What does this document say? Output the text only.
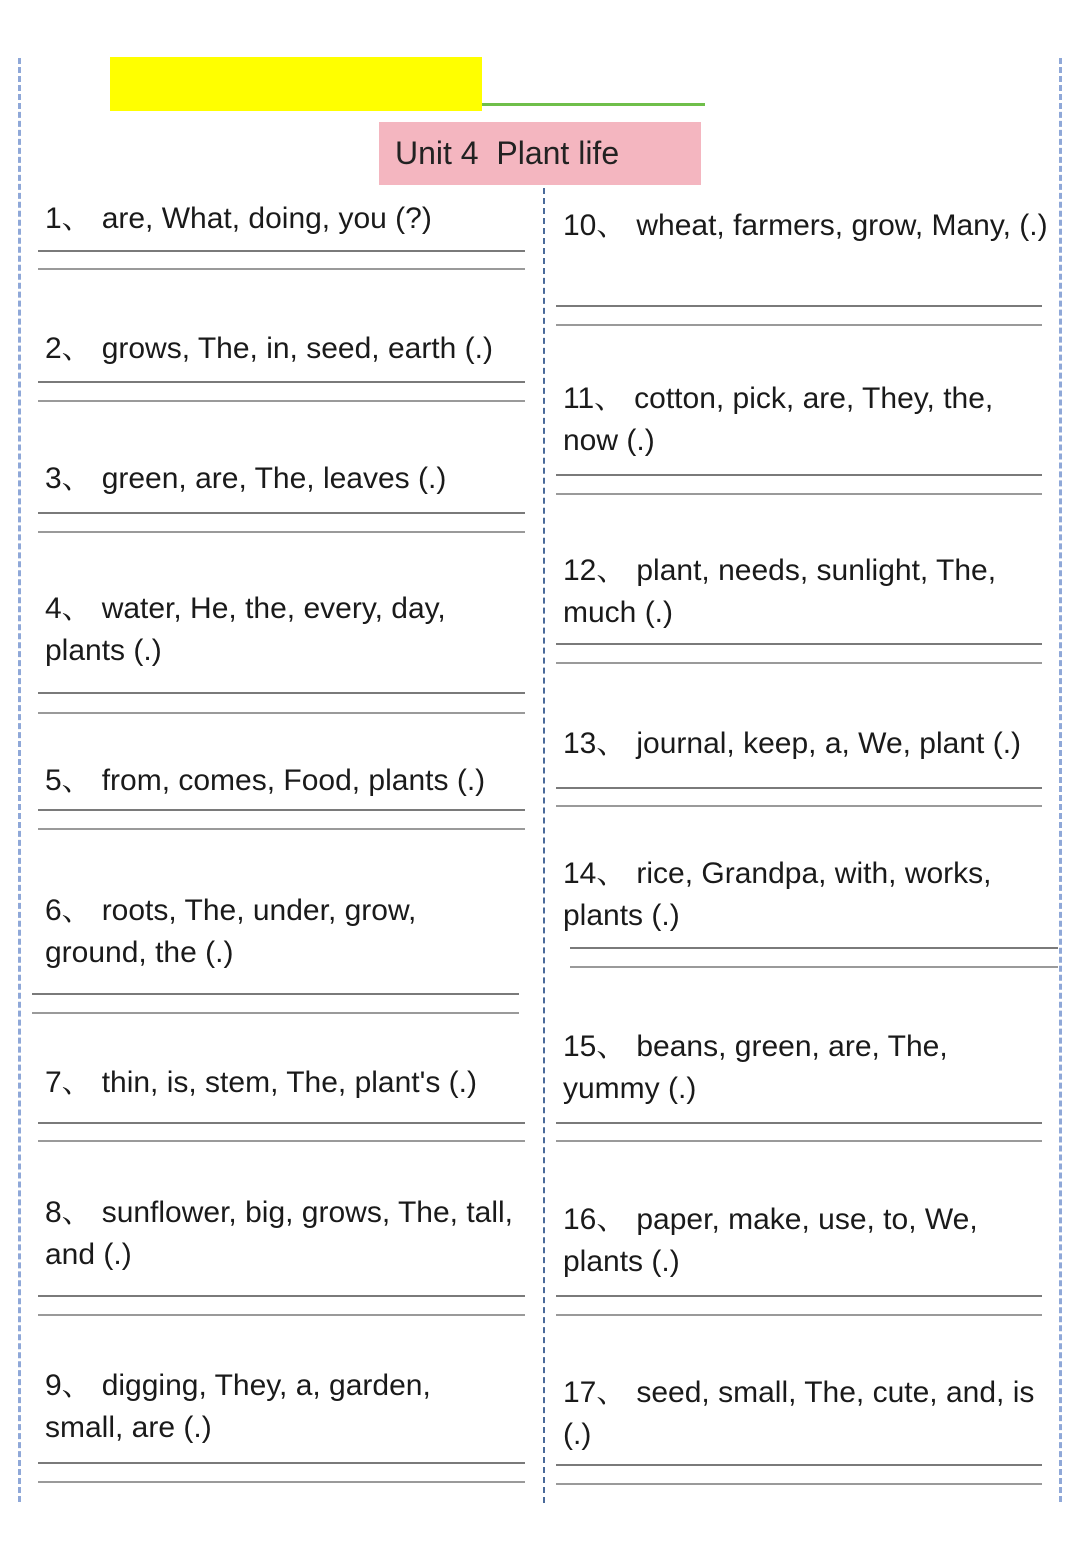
Unit 4  Plant life

1、 are, What, doing, you (?)

2、 grows, The, in, seed, earth (.)

3、 green, are, The, leaves (.)

4、 water, He, the, every, day, plants (.)

5、 from, comes, Food, plants (.)

6、 roots, The, under, grow, ground, the (.)

7、 thin, is, stem, The, plant's (.)

8、 sunflower, big, grows, The, tall, and (.)

9、 digging, They, a, garden, small, are (.)

10、 wheat, farmers, grow, Many, (.)

11、 cotton, pick, are, They, the, now (.)

12、 plant, needs, sunlight, The, much (.)

13、 journal, keep, a, We, plant (.)

14、 rice, Grandpa, with, works, plants (.)

15、 beans, green, are, The, yummy (.)

16、 paper, make, use, to, We, plants (.)

17、 seed, small, The, cute, and, is (.)
